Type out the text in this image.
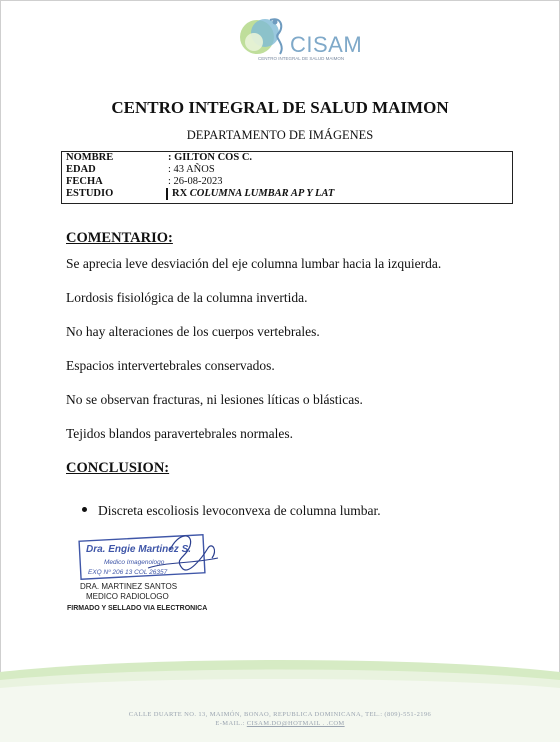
CISAM
CENTRO INTEGRAL DE SALUD MAIMON
CENTRO INTEGRAL DE SALUD MAIMON
DEPARTAMENTO DE IMÁGENES
NOMBRE	: GILTON COS C.
EDAD	: 43 AÑOS
FECHA	: 26-08-2023
ESTUDIO	RX COLUMNA LUMBAR AP Y LAT
COMENTARIO:
Se aprecia leve desviación del eje columna lumbar hacia la izquierda.
Lordosis fisiológica de la columna invertida.
No hay alteraciones de los cuerpos vertebrales.
Espacios intervertebrales conservados.
No se observan fracturas, ni lesiones líticas o blásticas.
Tejidos blandos paravertebrales normales.
CONCLUSION:
Discreta escoliosis levoconvexa de columna lumbar.
Dra. Engie Martinez S.
Medico Imagenologo
EXQ Nº 206 13 COL 26357
DRA. MARTINEZ SANTOS
MEDICO RADIOLOGO
FIRMADO Y SELLADO VIA ELECTRONICA
CALLE DUARTE NO. 13, MAIMÓN, BONAO, REPUBLICA DOMINICANA, TEL.: (809)-551-2196
E-MAIL.: CISAM.DO@HOTMAIL . .COM
